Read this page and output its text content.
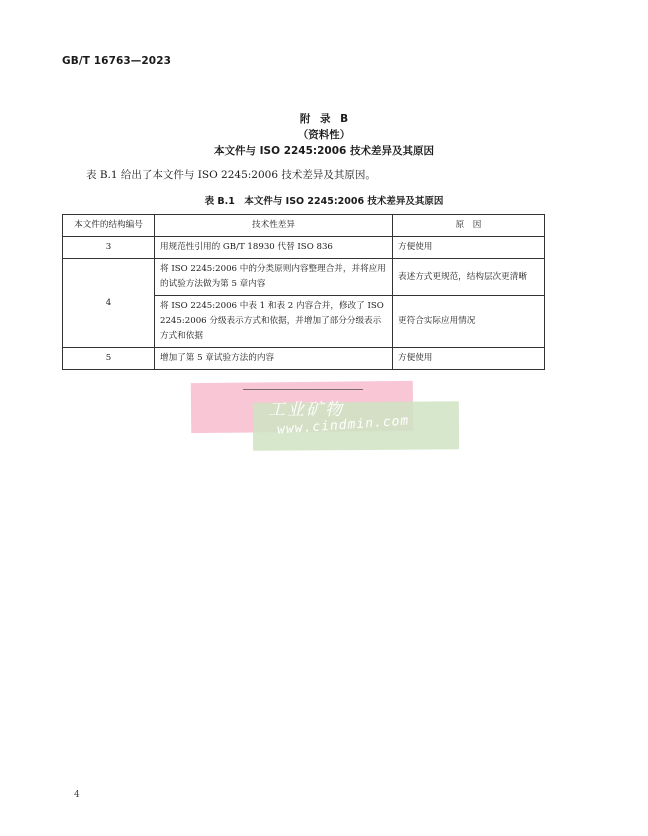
GB/T 16763—2023
附 录 B
（资料性）
本文件与 ISO 2245:2006 技术差异及其原因
表 B.1 给出了本文件与 ISO 2245:2006 技术差异及其原因。
表 B.1　本文件与 ISO 2245:2006 技术差异及其原因
本文件的结构编号	技术性差异	原　因
3	用规范性引用的 GB/T 18930 代替 ISO 836	方便使用
4	将 ISO 2245:2006 中的分类原则内容整理合并，并将应用的试验方法做为第 5 章内容	表述方式更规范，结构层次更清晰
	将 ISO 2245:2006 中表 1 和表 2 内容合并，修改了 ISO 2245:2006 分级表示方式和依据，并增加了部分分级表示方式和依据	更符合实际应用情况
5	增加了第 5 章试验方法的内容	方便使用
工业矿物
www.cindmin.com
4
